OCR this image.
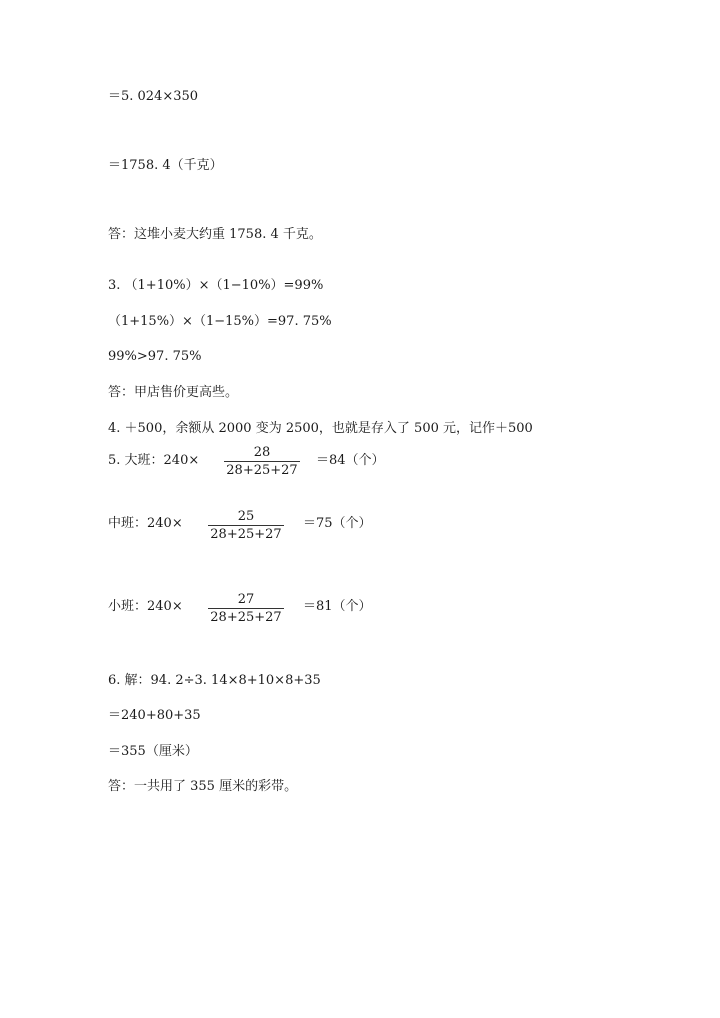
＝5. 024×350
＝1758. 4（千克）
答：这堆小麦大约重 1758. 4 千克。
3. （1+10%）×（1−10%）=99%
（1+15%）×（1−15%）=97. 75%
99%>97. 75%
答：甲店售价更高些。
4. ＋500，余额从 2000 变为 2500，也就是存入了 500 元，记作＋500
5. 大班：240×
28
28+25+27
＝84（个）
中班：240×	25
28+25+27
＝75（个）
小班：240×	27
28+25+27
＝81（个）
6. 解：94. 2÷3. 14×8+10×8+35
＝240+80+35
＝355（厘米）
答：一共用了 355 厘米的彩带。
